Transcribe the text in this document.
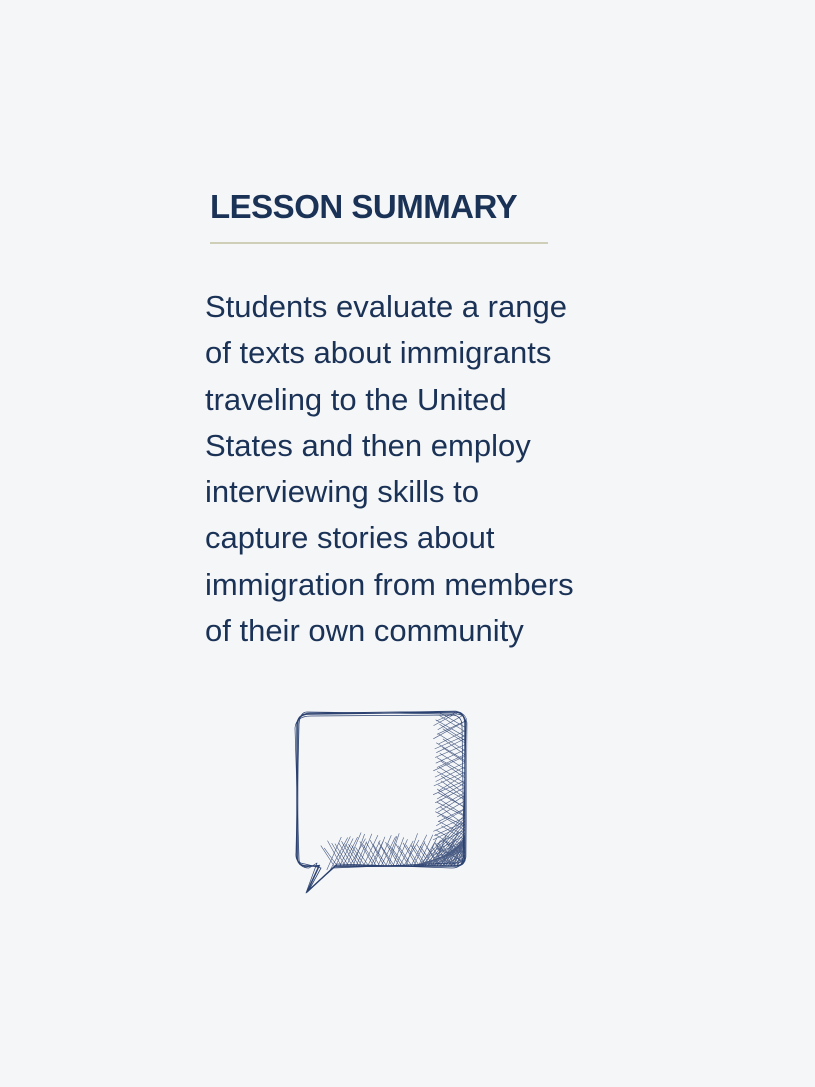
LESSON SUMMARY

Students evaluate a range
of texts about immigrants
traveling to the United
States and then employ
interviewing skills to
capture stories about
immigration from members
of their own community
